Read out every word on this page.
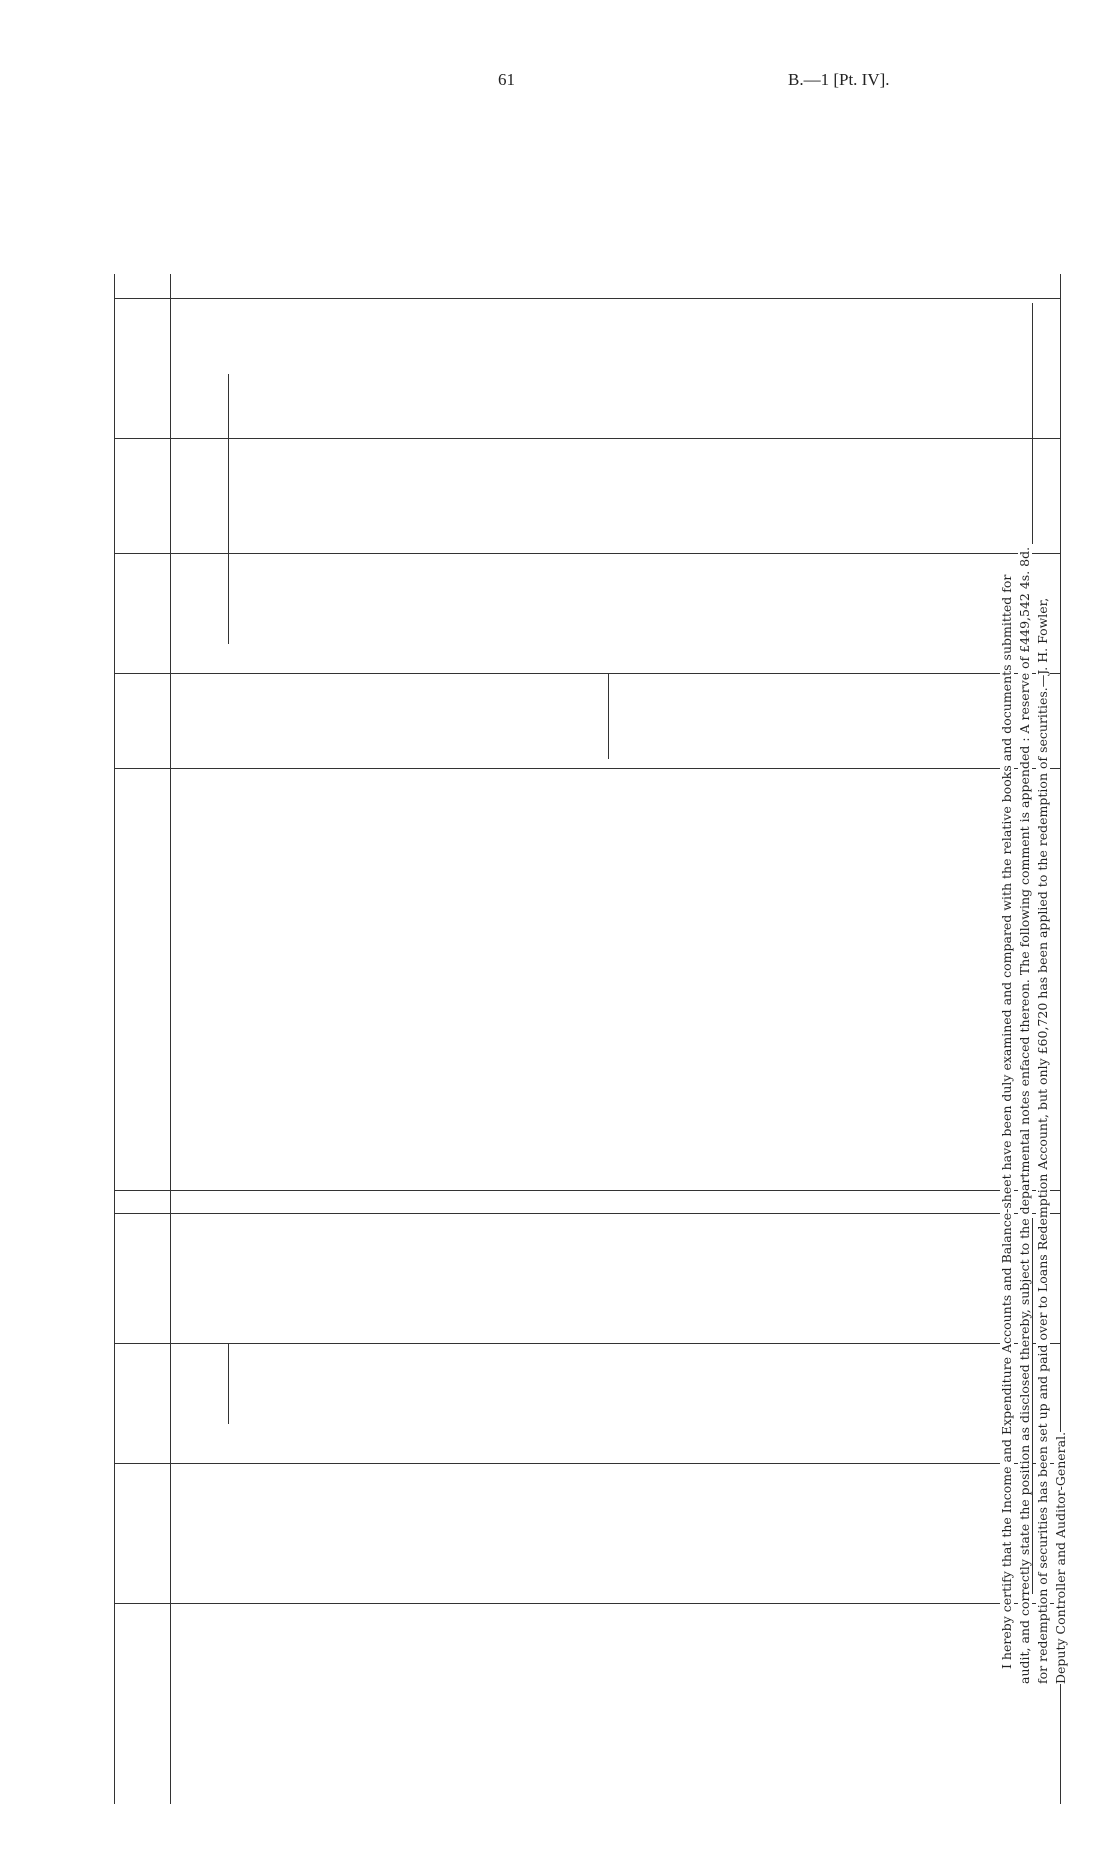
61	B.—1 [Pt. IV].
I hereby certify that the Income and Expenditure Accounts and Balance-sheet have been duly examined and compared with the relative books and documents submitted for audit, and correctly state the position as disclosed thereby, subject to the departmental notes enfaced thereon. The following comment is appended : A reserve of £449,542 4s. 8d. for redemption of securities has been set up and paid over to Loans Redemption Account, but only £60,720 has been applied to the redemption of securities.—J. H. Fowler, Deputy Controller and Auditor-General.
